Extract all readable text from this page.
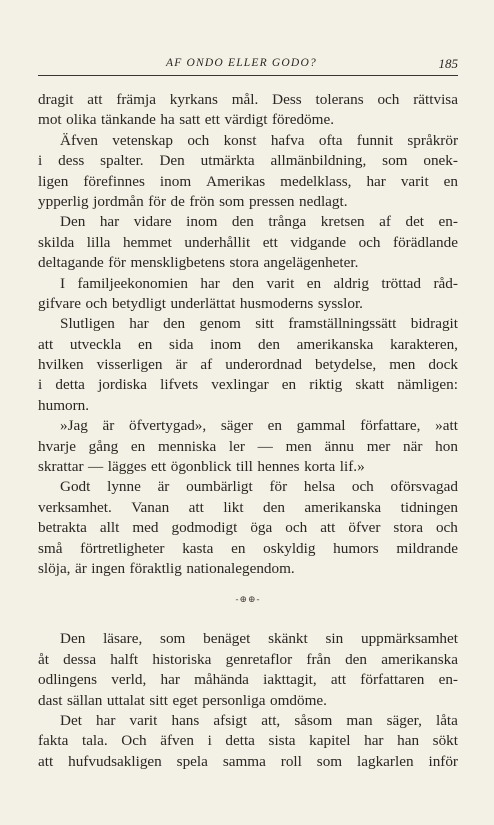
AF ONDO ELLER GODO?	185
dragit att främja kyrkans mål. Dess tolerans och rättvisa
mot olika tänkande ha satt ett värdigt föredöme.
Äfven vetenskap och konst hafva ofta funnit språkrör
i dess spalter. Den utmärkta allmänbildning, som onek-
ligen förefinnes inom Amerikas medelklass, har varit en
ypperlig jordmån för de frön som pressen nedlagt.
Den har vidare inom den trånga kretsen af det en-
skilda lilla hemmet underhållit ett vidgande och förädlande
deltagande för menskligbetens stora angelägenheter.
I familjeekonomien har den varit en aldrig tröttad råd-
gifvare och betydligt underlättat husmoderns sysslor.
Slutligen har den genom sitt framställningssätt bidragit
att utveckla en sida inom den amerikanska karakteren,
hvilken visserligen är af underordnad betydelse, men dock
i detta jordiska lifvets vexlingar en riktig skatt nämligen:
humorn.
»Jag är öfvertygad», säger en gammal författare, »att
hvarje gång en menniska ler — men ännu mer när hon
skrattar — lägges ett ögonblick till hennes korta lif.»
Godt lynne är oumbärligt för helsa och oförsvagad
verksamhet. Vanan att likt den amerikanska tidningen
betrakta allt med godmodigt öga och att öfver stora och
små förtretligheter kasta en oskyldig humors mildrande
slöja, är ingen föraktlig nationalegendom.
-⊕⊕-
Den läsare, som benäget skänkt sin uppmärksamhet
åt dessa halft historiska genretaflor från den amerikanska
odlingens verld, har måhända iakttagit, att författaren en-
dast sällan uttalat sitt eget personliga omdöme.
Det har varit hans afsigt att, såsom man säger, låta
fakta tala. Och äfven i detta sista kapitel har han sökt
att hufvudsakligen spela samma roll som lagkarlen inför
